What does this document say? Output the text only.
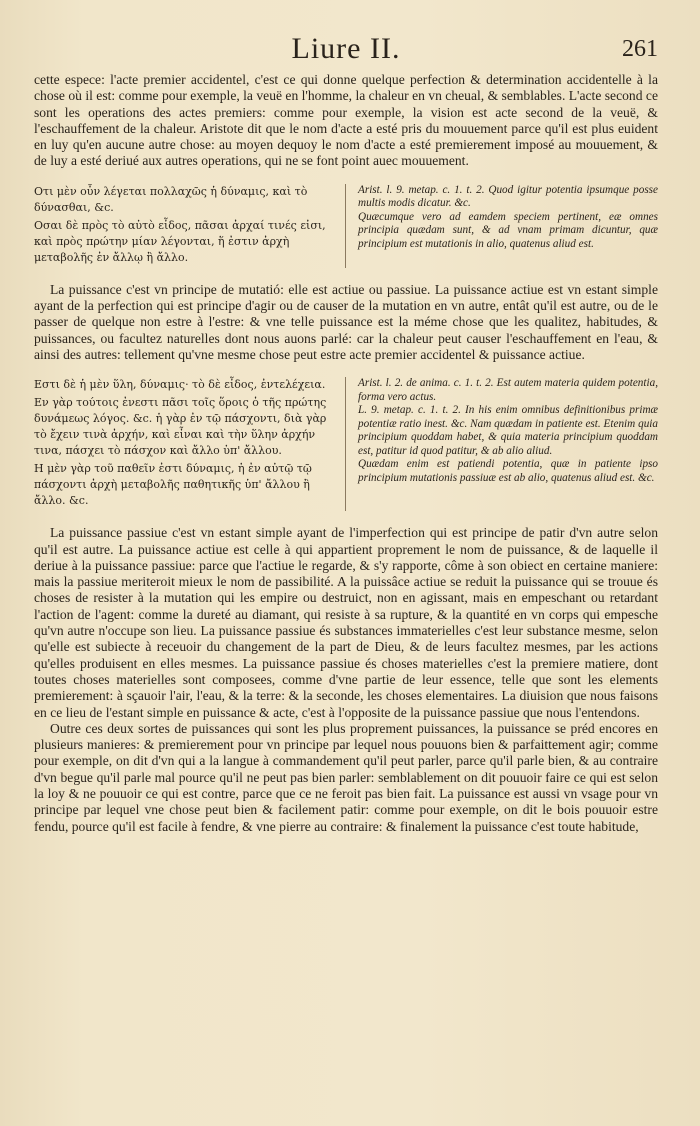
Liure II.	261

cette espece: l'acte premier accidentel, c'est ce qui donne quelque perfection & determination accidentelle à la chose où il est: comme pour exemple, la veuë en l'homme, la chaleur en vn cheual, & semblables. L'acte second ce sont les operations des actes premiers: comme pour exemple, la vision est acte second de la veuë, & l'eschauffement de la chaleur. Aristote dit que le nom d'acte a esté pris du mouuement parce qu'il est plus euident en luy qu'en aucune autre chose: au moyen dequoy le nom d'acte a esté premierement imposé au mouuement, & de luy a esté deriué aux autres operations, qui ne se font point auec mouuement.

Οτι μὲν οὖν λέγεται πολλαχῶς ἡ δύναμις, καὶ τὸ δύνασθαι, &c.

Οσαι δὲ πρὸς τὸ αὐτὸ εἶδος, πᾶσαι ἀρχαί τινές εἰσι, καὶ πρὸς πρώτην μίαν λέγονται, ἥ ἐστιν ἀρχὴ μεταβολῆς ἐν ἄλλῳ ἢ ἄλλο.

Arist. l. 9. metap. c. 1. t. 2. Quod igitur potentia ipsumque posse multis modis dicatur. &c.

Quæcumque vero ad eamdem speciem pertinent, eæ omnes principia quædam sunt, & ad vnam primam dicuntur, quæ principium est mutationis in alio, quatenus aliud est.

La puissance c'est vn principe de mutatió: elle est actiue ou passiue. La puissance actiue est vn estant simple ayant de la perfection qui est principe d'agir ou de causer de la mutation en vn autre, entât qu'il est autre, ou de le passer de quelque non estre à l'estre: & vne telle puissance est la méme chose que les qualitez, habitudes, & puissances, ou facultez naturelles dont nous auons parlé: car la chaleur peut causer l'eschauffement en l'eau, & ainsi des autres: tellement qu'vne mesme chose peut estre acte premier accidentel & puissance actiue.

Εστι δὲ ἡ μὲν ὕλη, δύναμις· τὸ δὲ εἶδος, ἐντελέχεια.

Εν γὰρ τούτοις ἐνεστι πᾶσι τοῖς ὅροις ὁ τῆς πρώτης δυνάμεως λόγος. &c. ἡ γὰρ ἐν τῷ πάσχοντι, διὰ γὰρ τὸ ἔχειν τινὰ ἀρχήν, καὶ εἶναι καὶ τὴν ὕλην ἀρχήν τινα, πάσχει τὸ πάσχον καὶ ἄλλο ὑπ' ἄλλου.

Η μὲν γὰρ τοῦ παθεῖν ἐστι δύναμις, ἡ ἐν αὐτῷ τῷ πάσχοντι ἀρχὴ μεταβολῆς παθητικῆς ὑπ' ἄλλου ἢ ἄλλο. &c.

Arist. l. 2. de anima. c. 1. t. 2. Est autem materia quidem potentia, forma vero actus.

L. 9. metap. c. 1. t. 2. In his enim omnibus definitionibus primæ potentiæ ratio inest. &c. Nam quædam in patiente est. Etenim quia principium quoddam habet, & quia materia principium quoddam est, patitur id quod patitur, & ab alio aliud.

Quædam enim est patiendi potentia, quæ in patiente ipso principium mutationis passiuæ est ab alio, quatenus aliud est. &c.

La puissance passiue c'est vn estant simple ayant de l'imperfection qui est principe de patir d'vn autre selon qu'il est autre. La puissance actiue est celle à qui appartient proprement le nom de puissance, & de laquelle il deriue à la puissance passiue: parce que l'actiue le regarde, & s'y rapporte, côme à son obiect en certaine maniere: mais la passiue meriteroit mieux le nom de passibilité. A la puissâce actiue se reduit la puissance qui se trouue és choses de resister à la mutation qui les empire ou destruict, non en agissant, mais en empeschant ou retardant l'action de l'agent: comme la dureté au diamant, qui resiste à sa rupture, & la quantité en vn corps qui empesche qu'vn autre n'occupe son lieu. La puissance passiue és substances immaterielles c'est leur substance mesme, selon qu'elle est subiecte à receuoir du changement de la part de Dieu, & de leurs facultez mesmes, par les actions qu'elles produisent en elles mesmes. La puissance passiue és choses materielles c'est la premiere matiere, dont toutes choses materielles sont composees, comme d'vne partie de leur essence, telle que sont les elements premierement: à sçauoir l'air, l'eau, & la terre: & la seconde, les choses elementaires. La diuision que nous faisons en ce lieu de l'estant simple en puissance & acte, c'est à l'opposite de la puissance passiue que nous l'entendons.

Outre ces deux sortes de puissances qui sont les plus proprement puissances, la puissance se préd encores en plusieurs manieres: & premierement pour vn principe par lequel nous pouuons bien & parfaittement agir; comme pour exemple, on dit d'vn qui a la langue à commandement qu'il peut parler, parce qu'il parle bien, & au contraire d'vn begue qu'il parle mal pource qu'il ne peut pas bien parler: semblablement on dit pouuoir faire ce qui est selon la loy & ne pouuoir ce qui est contre, parce que ce ne feroit pas bien fait. La puissance est aussi vn vsage pour vn principe par lequel vne chose peut bien & facilement patir: comme pour exemple, on dit le bois pouuoir estre fendu, pource qu'il est facile à fendre, & vne pierre au contraire: & finalement la puissance c'est toute habitude,
